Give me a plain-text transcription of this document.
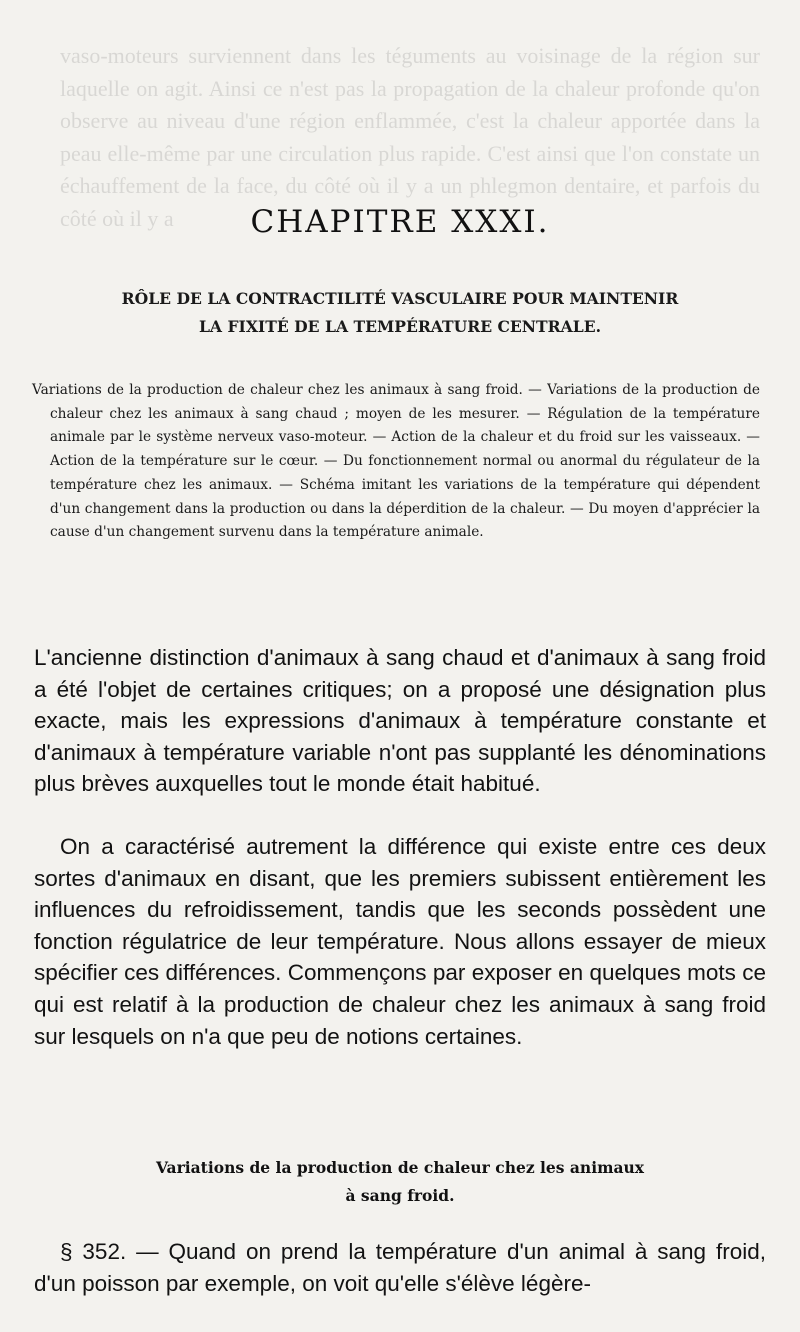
vaso-moteurs surviennent dans les téguments au voisinage de la région sur laquelle on agit. Ainsi ce n'est pas la propagation de la chaleur profonde qu'on observe au niveau d'une région enflammée, c'est la chaleur apportée dans la peau elle-même par une circulation plus rapide. C'est ainsi que l'on constate un échauffement de la face, du côté où il y a un phlegmon dentaire, et parfois du côté où il y a	CHAPITRE XXXI.
RÔLE DE LA CONTRACTILITÉ VASCULAIRE POUR MAINTENIR
LA FIXITÉ DE LA TEMPÉRATURE CENTRALE.
Variations de la production de chaleur chez les animaux à sang froid. — Variations de la production de chaleur chez les animaux à sang chaud ; moyen de les mesurer. — Régulation de la température animale par le système nerveux vaso-moteur. — Action de la chaleur et du froid sur les vaisseaux. — Action de la température sur le cœur. — Du fonctionnement normal ou anormal du régulateur de la température chez les animaux. — Schéma imitant les variations de la température qui dépendent d'un changement dans la production ou dans la déperdition de la chaleur. — Du moyen d'apprécier la cause d'un changement survenu dans la température animale.

L'ancienne distinction d'animaux à sang chaud et d'animaux à sang froid a été l'objet de certaines critiques; on a proposé une désignation plus exacte, mais les expressions d'animaux à température constante et d'animaux à température variable n'ont pas supplanté les dénominations plus brèves auxquelles tout le monde était habitué.

On a caractérisé autrement la différence qui existe entre ces deux sortes d'animaux en disant, que les premiers subissent entièrement les influences du refroidissement, tandis que les seconds possèdent une fonction régulatrice de leur température. Nous allons essayer de mieux spécifier ces différences. Commençons par exposer en quelques mots ce qui est relatif à la production de chaleur chez les animaux à sang froid sur lesquels on n'a que peu de notions certaines.

Variations de la production de chaleur chez les animaux
à sang froid.

§ 352. — Quand on prend la température d'un animal à sang froid, d'un poisson par exemple, on voit qu'elle s'élève légère-
